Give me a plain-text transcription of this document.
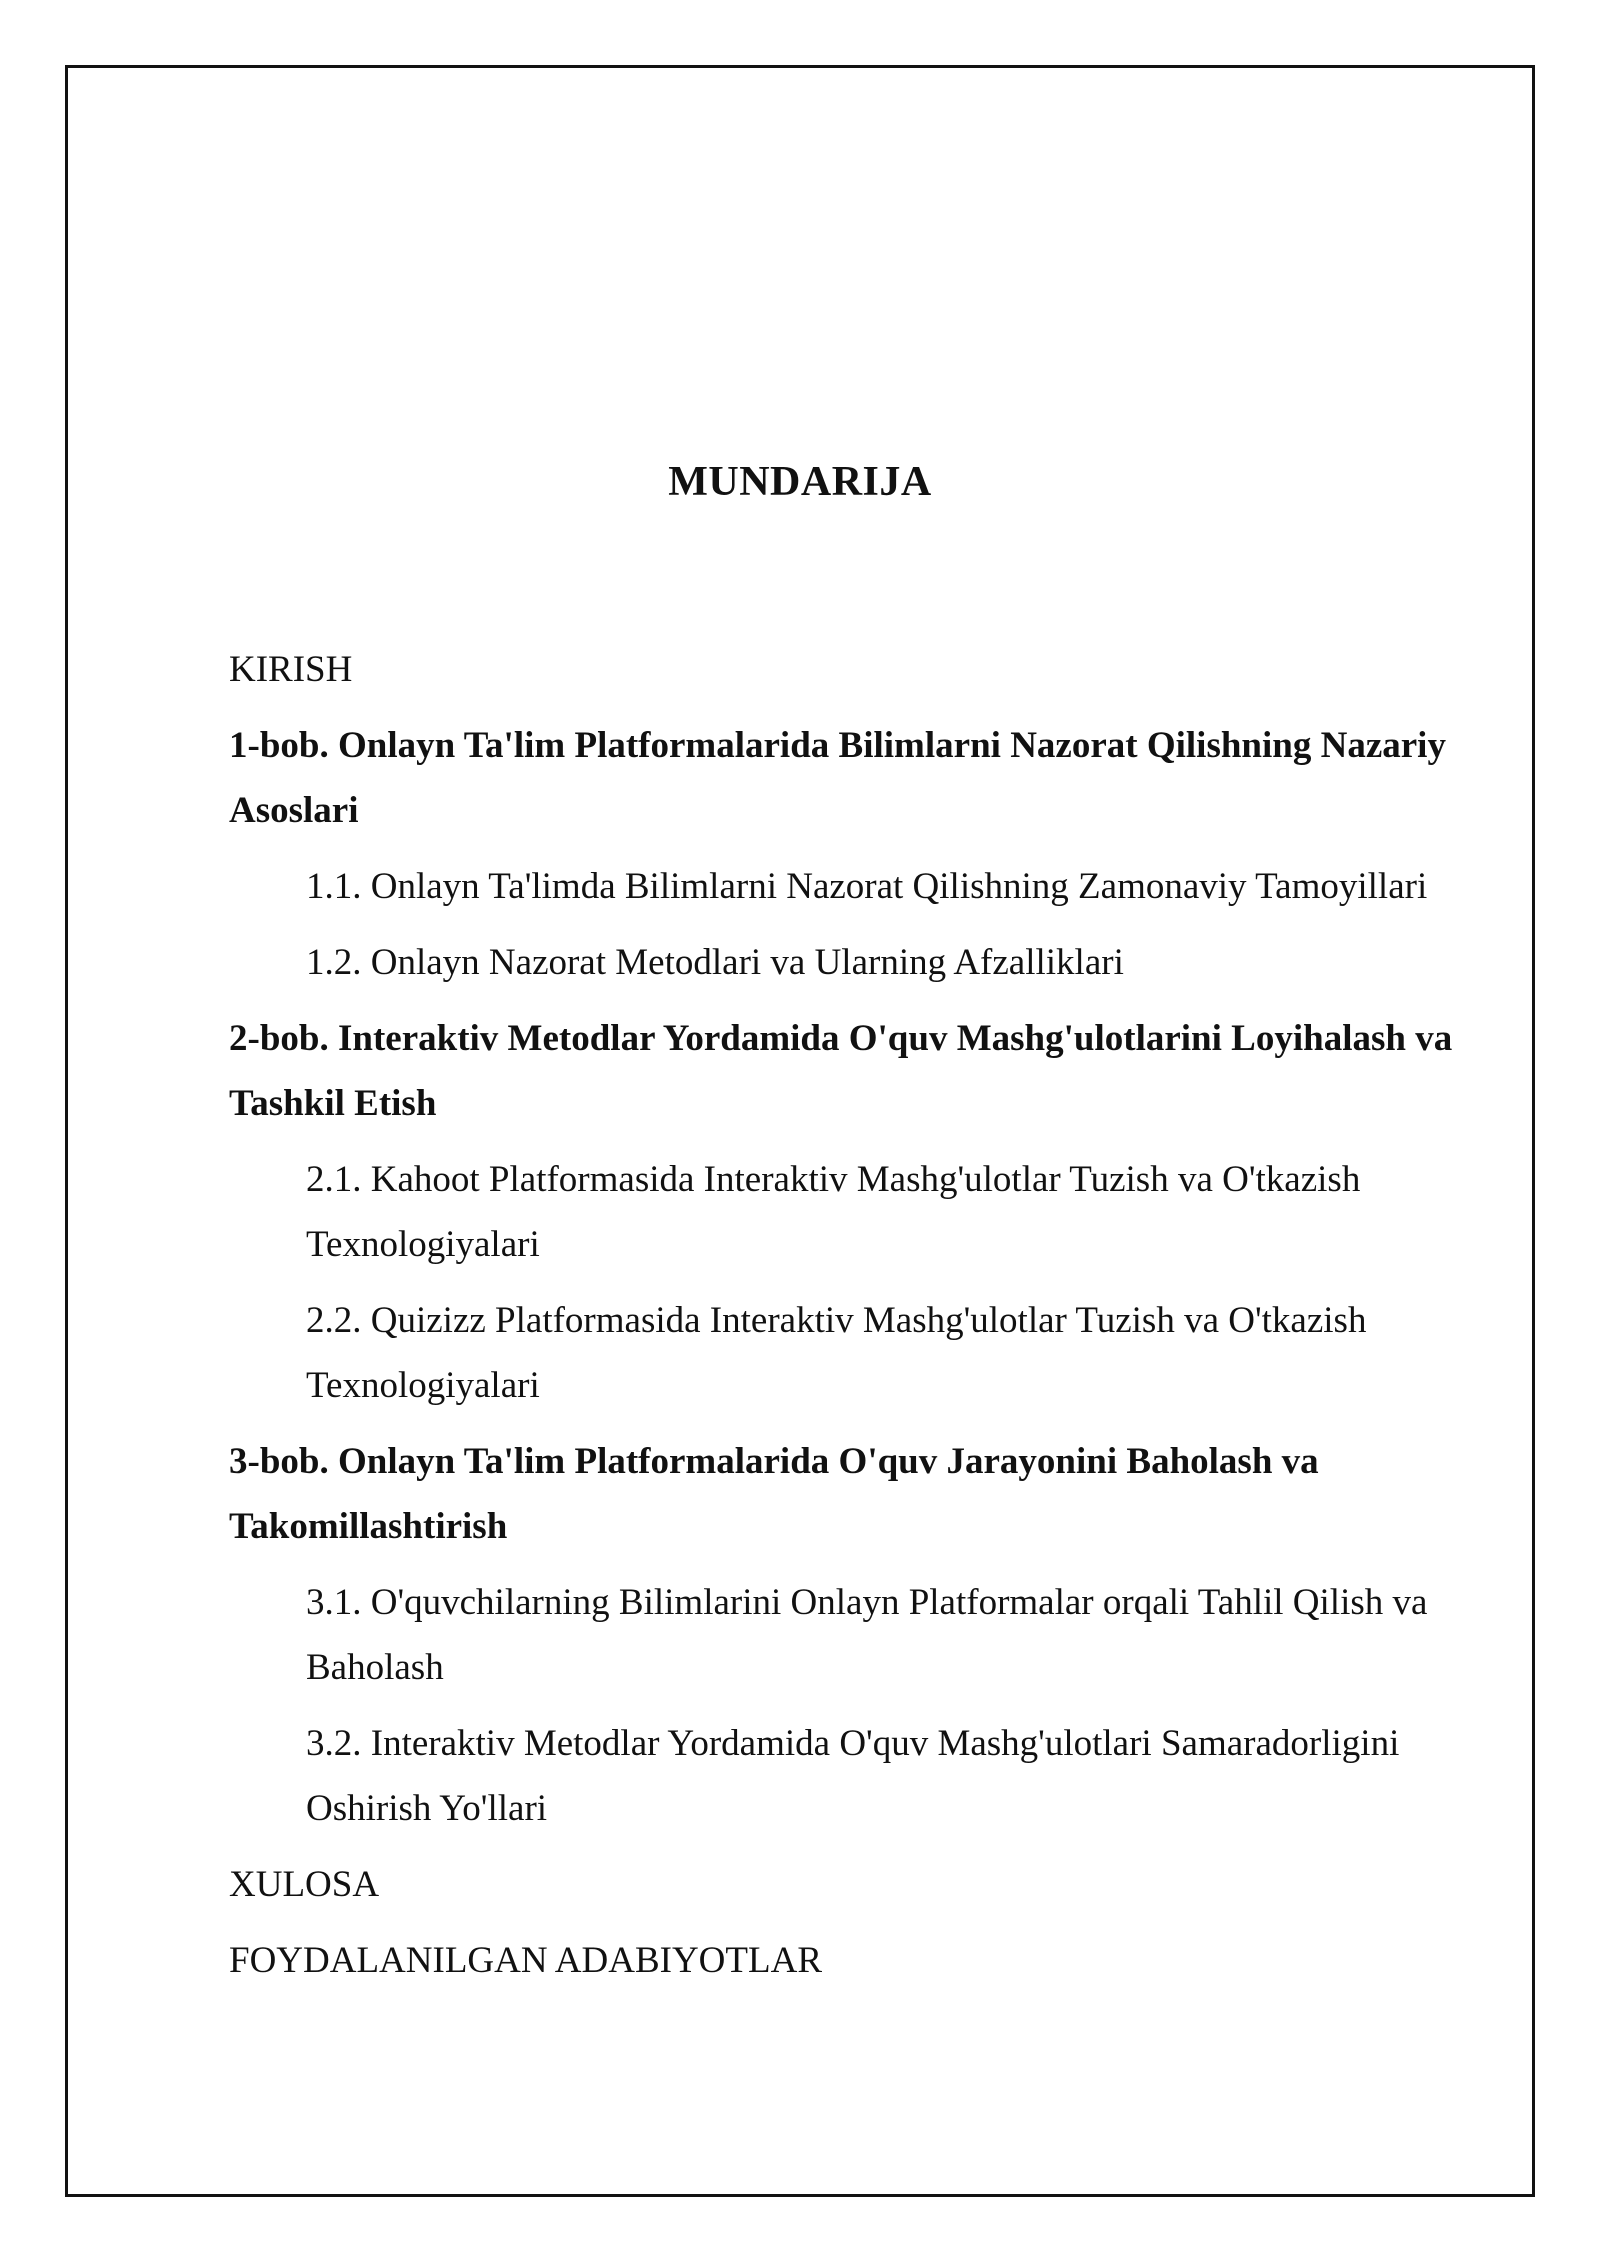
MUNDARIJA
KIRISH
1-bob. Onlayn Ta'lim Platformalarida Bilimlarni Nazorat Qilishning Nazariy Asoslari
1.1. Onlayn Ta'limda Bilimlarni Nazorat Qilishning Zamonaviy Tamoyillari
1.2. Onlayn Nazorat Metodlari va Ularning Afzalliklari
2-bob. Interaktiv Metodlar Yordamida O'quv Mashg'ulotlarini Loyihalash va Tashkil Etish
2.1. Kahoot Platformasida Interaktiv Mashg'ulotlar Tuzish va O'tkazish Texnologiyalari
2.2. Quizizz Platformasida Interaktiv Mashg'ulotlar Tuzish va O'tkazish Texnologiyalari
3-bob. Onlayn Ta'lim Platformalarida O'quv Jarayonini Baholash va Takomillashtirish
3.1. O'quvchilarning Bilimlarini Onlayn Platformalar orqali Tahlil Qilish va Baholash
3.2. Interaktiv Metodlar Yordamida O'quv Mashg'ulotlari Samaradorligini Oshirish Yo'llari
XULOSA
FOYDALANILGAN ADABIYOTLAR
